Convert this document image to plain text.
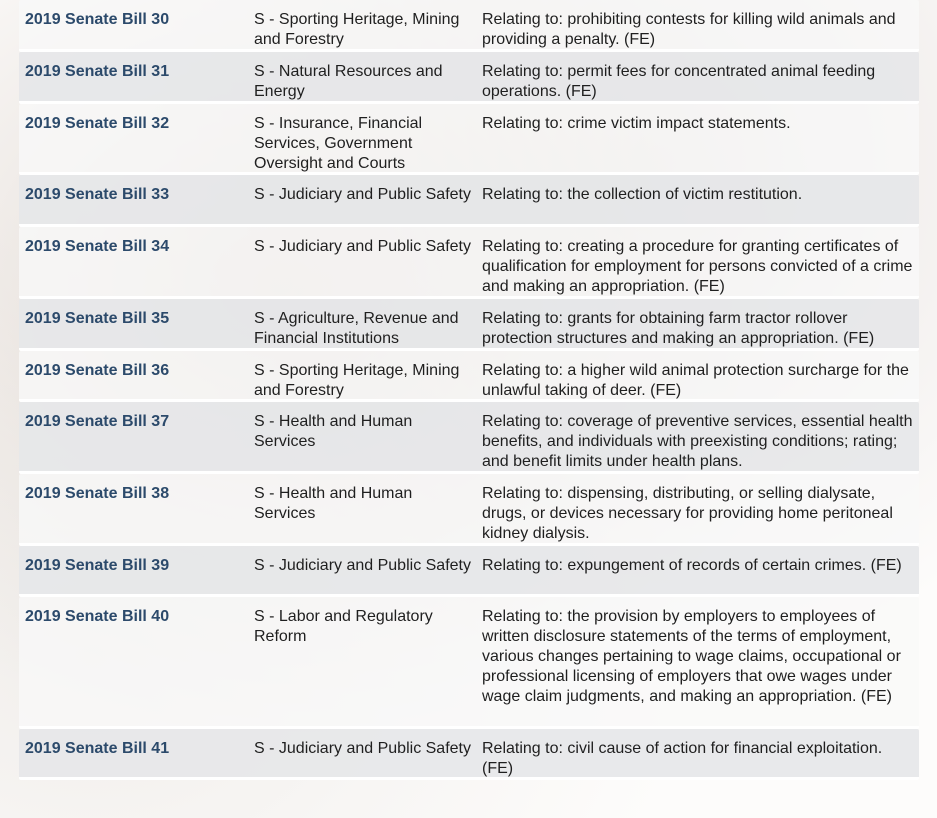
2019 Senate Bill 30	S - Sporting Heritage, Mining and Forestry
Relating to: prohibiting contests for killing wild animals and providing a penalty. (FE)
2019 Senate Bill 31	S - Natural Resources and Energy
Relating to: permit fees for concentrated animal feeding operations. (FE)
2019 Senate Bill 32	S - Insurance, Financial Services, Government Oversight and Courts
Relating to: crime victim impact statements.
2019 Senate Bill 33	S - Judiciary and Public Safety Relating to: the collection of victim restitution.
2019 Senate Bill 34	S - Judiciary and Public Safety Relating to: creating a procedure for granting certificates of qualification for employment for persons convicted of a crime and making an appropriation. (FE)
2019 Senate Bill 35	S - Agriculture, Revenue and Financial Institutions
Relating to: grants for obtaining farm tractor rollover protection structures and making an appropriation. (FE)
2019 Senate Bill 36	S - Sporting Heritage, Mining and Forestry
Relating to: a higher wild animal protection surcharge for the unlawful taking of deer. (FE)
2019 Senate Bill 37	S - Health and Human Services
Relating to: coverage of preventive services, essential health benefits, and individuals with preexisting conditions; rating; and benefit limits under health plans.
2019 Senate Bill 38	S - Health and Human Services
Relating to: dispensing, distributing, or selling dialysate, drugs, or devices necessary for providing home peritoneal kidney dialysis.
2019 Senate Bill 39	S - Judiciary and Public Safety Relating to: expungement of records of certain crimes. (FE)
2019 Senate Bill 40	S - Labor and Regulatory Reform
Relating to: the provision by employers to employees of written disclosure statements of the terms of employment, various changes pertaining to wage claims, occupational or professional licensing of employers that owe wages under wage claim judgments, and making an appropriation. (FE)
2019 Senate Bill 41	S - Judiciary and Public Safety Relating to: civil cause of action for financial exploitation. (FE)
